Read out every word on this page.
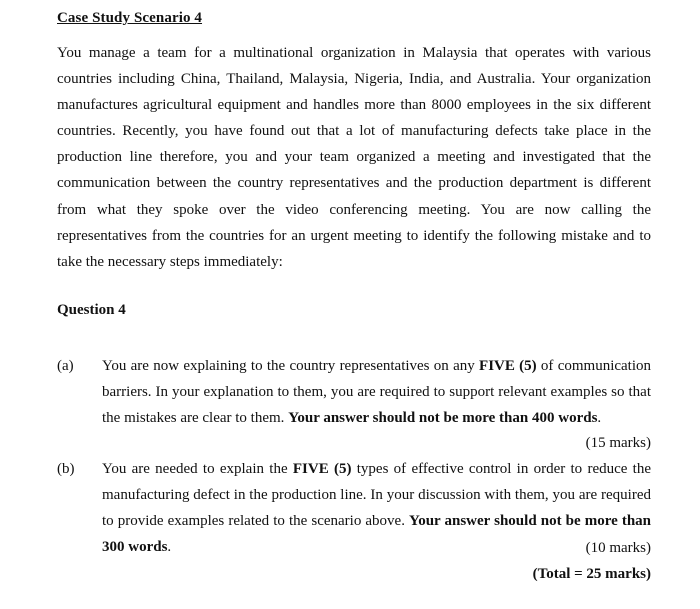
Case Study Scenario 4
You manage a team for a multinational organization in Malaysia that operates with various countries including China, Thailand, Malaysia, Nigeria, India, and Australia. Your organization manufactures agricultural equipment and handles more than 8000 employees in the six different countries. Recently, you have found out that a lot of manufacturing defects take place in the production line therefore, you and your team organized a meeting and investigated that the communication between the country representatives and the production department is different from what they spoke over the video conferencing meeting. You are now calling the representatives from the countries for an urgent meeting to identify the following mistake and to take the necessary steps immediately:
Question 4
(a) You are now explaining to the country representatives on any FIVE (5) of communication barriers. In your explanation to them, you are required to support relevant examples so that the mistakes are clear to them. Your answer should not be more than 400 words.
(15 marks)
(b) You are needed to explain the FIVE (5) types of effective control in order to reduce the manufacturing defect in the production line. In your discussion with them, you are required to provide examples related to the scenario above. Your answer should not be more than 300 words.	(10 marks)
(Total = 25 marks)
